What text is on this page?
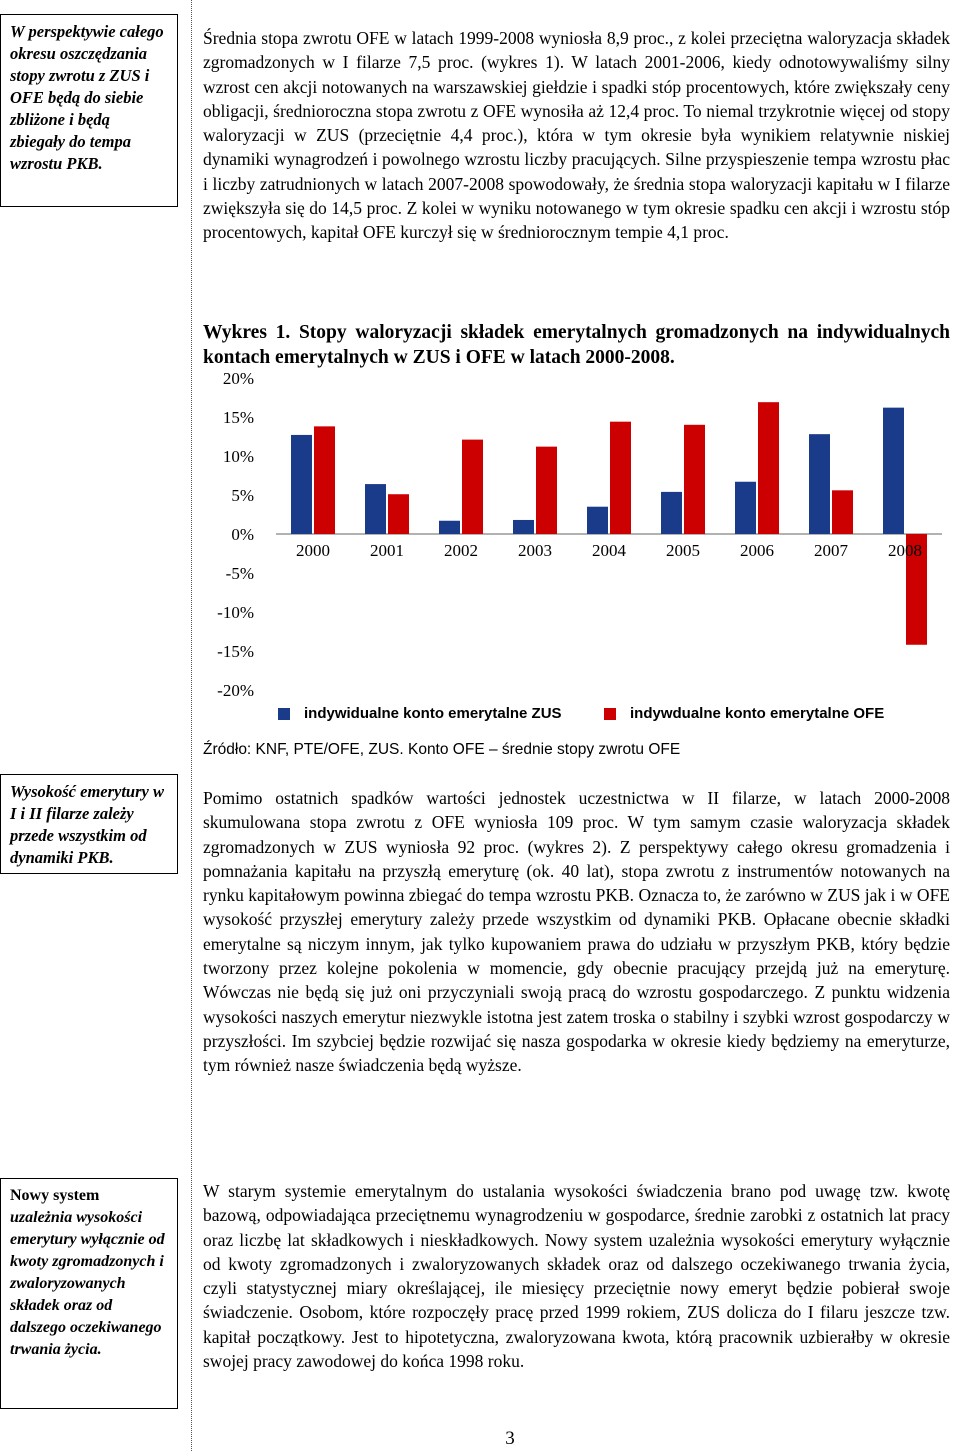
W perspektywie całego okresu oszczędzania stopy zwrotu z ZUS i OFE będą do siebie zbliżone i będą zbiegały do tempa wzrostu PKB.
Wysokość emerytury w I i II filarze zależy przede wszystkim od dynamiki PKB.
Nowy system
uzależnia wysokości emerytury wyłącznie od kwoty zgromadzonych i zwaloryzowanych składek oraz od dalszego oczekiwanego trwania życia.
Średnia stopa zwrotu OFE w latach 1999-2008 wyniosła 8,9 proc., z kolei przeciętna waloryzacja składek zgromadzonych w I filarze 7,5 proc. (wykres 1). W latach 2001-2006, kiedy odnotowywaliśmy silny wzrost cen akcji notowanych na warszawskiej giełdzie i spadki stóp procentowych, które zwiększały ceny obligacji, średnioroczna stopa zwrotu z OFE wynosiła aż 12,4 proc. To niemal trzykrotnie więcej od stopy waloryzacji w ZUS (przeciętnie 4,4 proc.), która w tym okresie była wynikiem relatywnie niskiej dynamiki wynagrodzeń i powolnego wzrostu liczby pracujących. Silne przyspieszenie tempa wzrostu płac i liczby zatrudnionych w latach 2007-2008 spowodowały, że średnia stopa waloryzacji kapitału w I filarze zwiększyła się do 14,5 proc. Z kolei w wyniku notowanego w tym okresie spadku cen akcji i wzrostu stóp procentowych, kapitał OFE kurczył się w średniorocznym tempie 4,1 proc.
Wykres 1. Stopy waloryzacji składek emerytalnych gromadzonych na indywidualnych kontach emerytalnych w ZUS i OFE w latach 2000-2008.
20%
15%
10%
5%
0%
-5%
-10%
-15%
-20%
2000 2001 2002 2003 2004 2005 2006 2007 2008
indywidualne konto emerytalne ZUS	indywdualne konto emerytalne OFE
Źródło: KNF, PTE/OFE, ZUS. Konto OFE – średnie stopy zwrotu OFE
Pomimo ostatnich spadków wartości jednostek uczestnictwa w II filarze, w latach 2000-2008 skumulowana stopa zwrotu z OFE wyniosła 109 proc. W tym samym czasie waloryzacja składek zgromadzonych w ZUS wyniosła 92 proc. (wykres 2). Z perspektywy całego okresu gromadzenia i pomnażania kapitału na przyszłą emeryturę (ok. 40 lat), stopa zwrotu z instrumentów notowanych na rynku kapitałowym powinna zbiegać do tempa wzrostu PKB. Oznacza to, że zarówno w ZUS jak i w OFE wysokość przyszłej emerytury zależy przede wszystkim od dynamiki PKB. Opłacane obecnie składki emerytalne są niczym innym, jak tylko kupowaniem prawa do udziału w przyszłym PKB, który będzie tworzony przez kolejne pokolenia w momencie, gdy obecnie pracujący przejdą już na emeryturę. Wówczas nie będą się już oni przyczyniali swoją pracą do wzrostu gospodarczego. Z punktu widzenia wysokości naszych emerytur niezwykle istotna jest zatem troska o stabilny i szybki wzrost gospodarczy w przyszłości. Im szybciej będzie rozwijać się nasza gospodarka w okresie kiedy będziemy na emeryturze, tym również nasze świadczenia będą wyższe.
W starym systemie emerytalnym do ustalania wysokości świadczenia brano pod uwagę tzw. kwotę bazową, odpowiadająca przeciętnemu wynagrodzeniu w gospodarce, średnie zarobki z ostatnich lat pracy oraz liczbę lat składkowych i nieskładkowych. Nowy system uzależnia wysokości emerytury wyłącznie od kwoty zgromadzonych i zwaloryzowanych składek oraz od dalszego oczekiwanego trwania życia, czyli statystycznej miary określającej, ile miesięcy przeciętnie nowy emeryt będzie pobierał swoje świadczenie. Osobom, które rozpoczęły pracę przed 1999 rokiem, ZUS dolicza do I filaru jeszcze tzw. kapitał początkowy. Jest to hipotetyczna, zwaloryzowana kwota, którą pracownik uzbierałby w okresie swojej pracy zawodowej do końca 1998 roku.
3
